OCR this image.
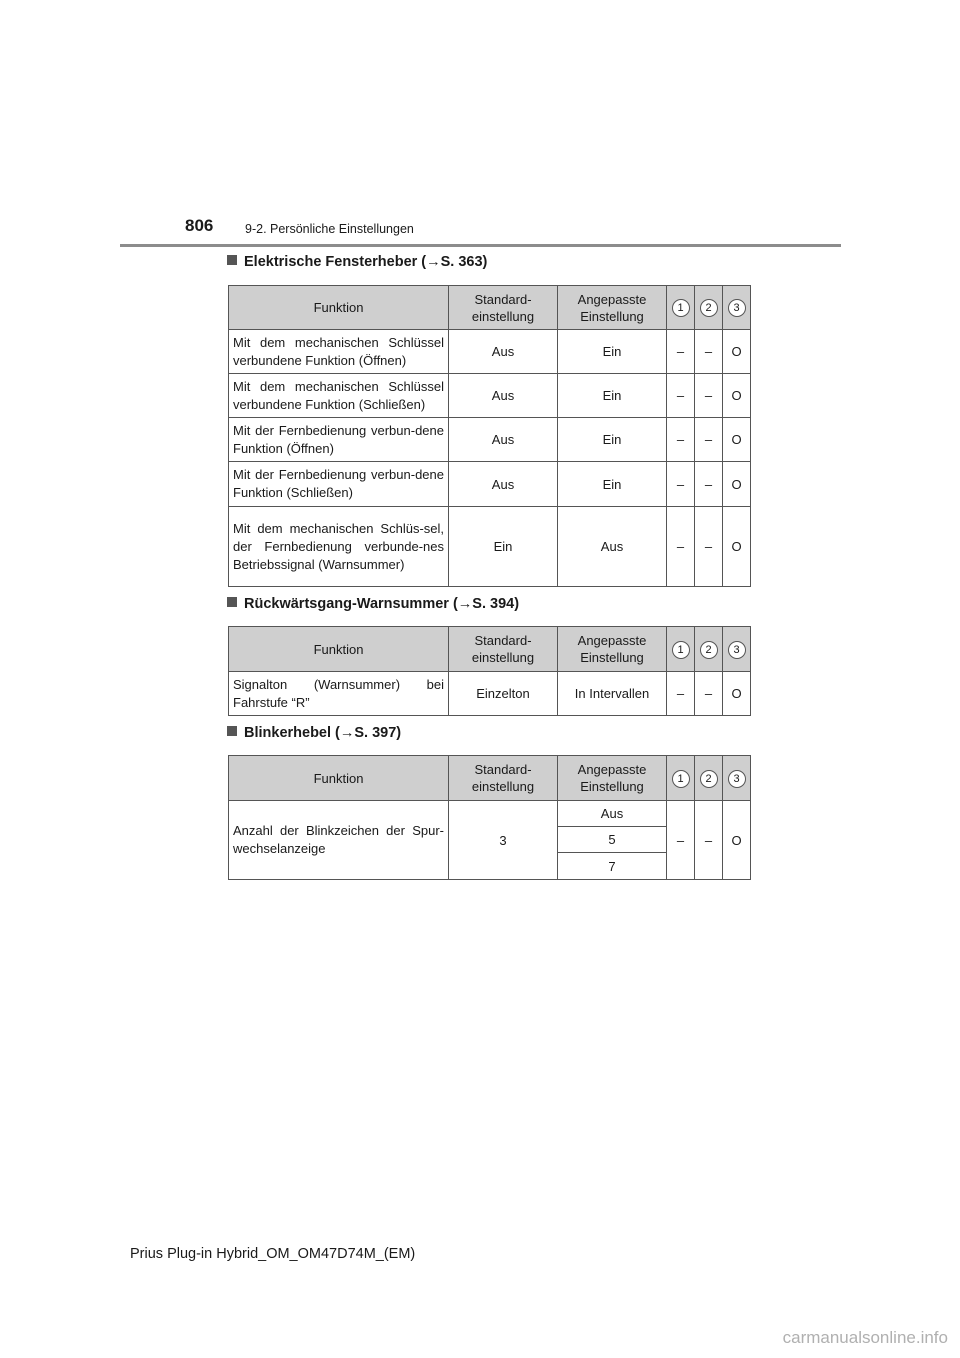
806	9-2. Persönliche Einstellungen
Elektrische Fensterheber (→S. 363)
Funktion	Standard-einstellung	Angepasste Einstellung	1	2	3
Mit dem mechanischen Schlüssel verbundene Funktion (Öffnen)	Aus	Ein	–	–	O
Mit dem mechanischen Schlüssel verbundene Funktion (Schließen)	Aus	Ein	–	–	O
Mit der Fernbedienung verbun-dene Funktion (Öffnen)	Aus	Ein	–	–	O
Mit der Fernbedienung verbun-dene Funktion (Schließen)	Aus	Ein	–	–	O
Mit dem mechanischen Schlüs-sel, der Fernbedienung verbunde-nes Betriebssignal (Warnsummer)	Ein	Aus	–	–	O
Rückwärtsgang-Warnsummer (→S. 394)
Funktion	Standard-einstellung	Angepasste Einstellung	1	2	3
Signalton (Warnsummer) bei Fahrstufe “R”	Einzelton	In Intervallen	–	–	O
Blinkerhebel (→S. 397)
Funktion	Standard-einstellung	Angepasste Einstellung	1	2	3
Anzahl der Blinkzeichen der Spur-wechselanzeige	3	Aus	–	–	O
		5			
		7			
Prius Plug-in Hybrid_OM_OM47D74M_(EM)
carmanualsonline.info
